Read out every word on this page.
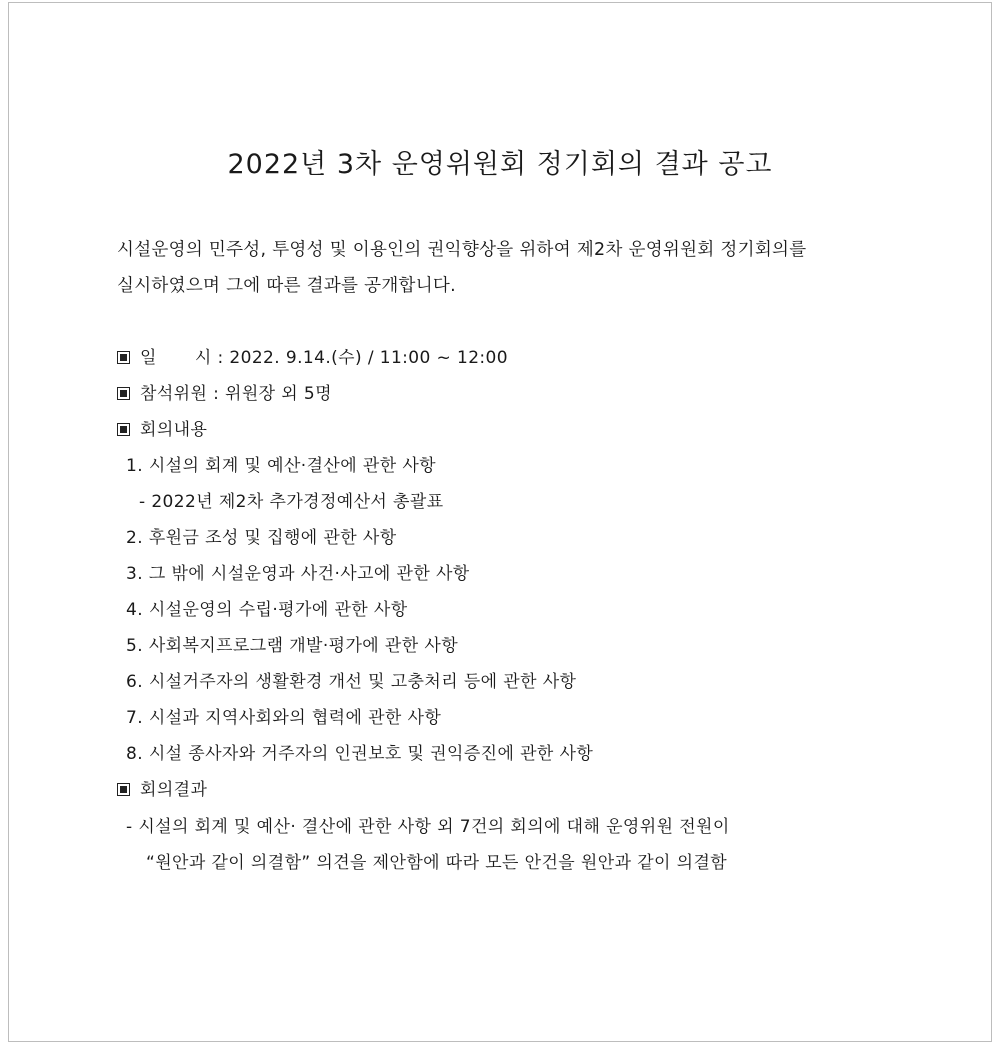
2022년 3차 운영위원회 정기회의 결과 공고
시설운영의 민주성, 투영성 및 이용인의 권익향상을 위하여 제2차 운영위원회 정기회의를
실시하였으며 그에 따른 결과를 공개합니다.
일 시 : 2022. 9.14.(수) / 11:00 ~ 12:00
참석위원 : 위원장 외 5명
회의내용
1. 시설의 회계 및 예산·결산에 관한 사항
- 2022년 제2차 추가경정예산서 총괄표
2. 후원금 조성 및 집행에 관한 사항
3. 그 밖에 시설운영과 사건·사고에 관한 사항
4. 시설운영의 수립·평가에 관한 사항
5. 사회복지프로그램 개발·평가에 관한 사항
6. 시설거주자의 생활환경 개선 및 고충처리 등에 관한 사항
7. 시설과 지역사회와의 협력에 관한 사항
8. 시설 종사자와 거주자의 인권보호 및 권익증진에 관한 사항
회의결과
- 시설의 회계 및 예산· 결산에 관한 사항 외 7건의 회의에 대해 운영위원 전원이
“원안과 같이 의결함” 의견을 제안함에 따라 모든 안건을 원안과 같이 의결함
